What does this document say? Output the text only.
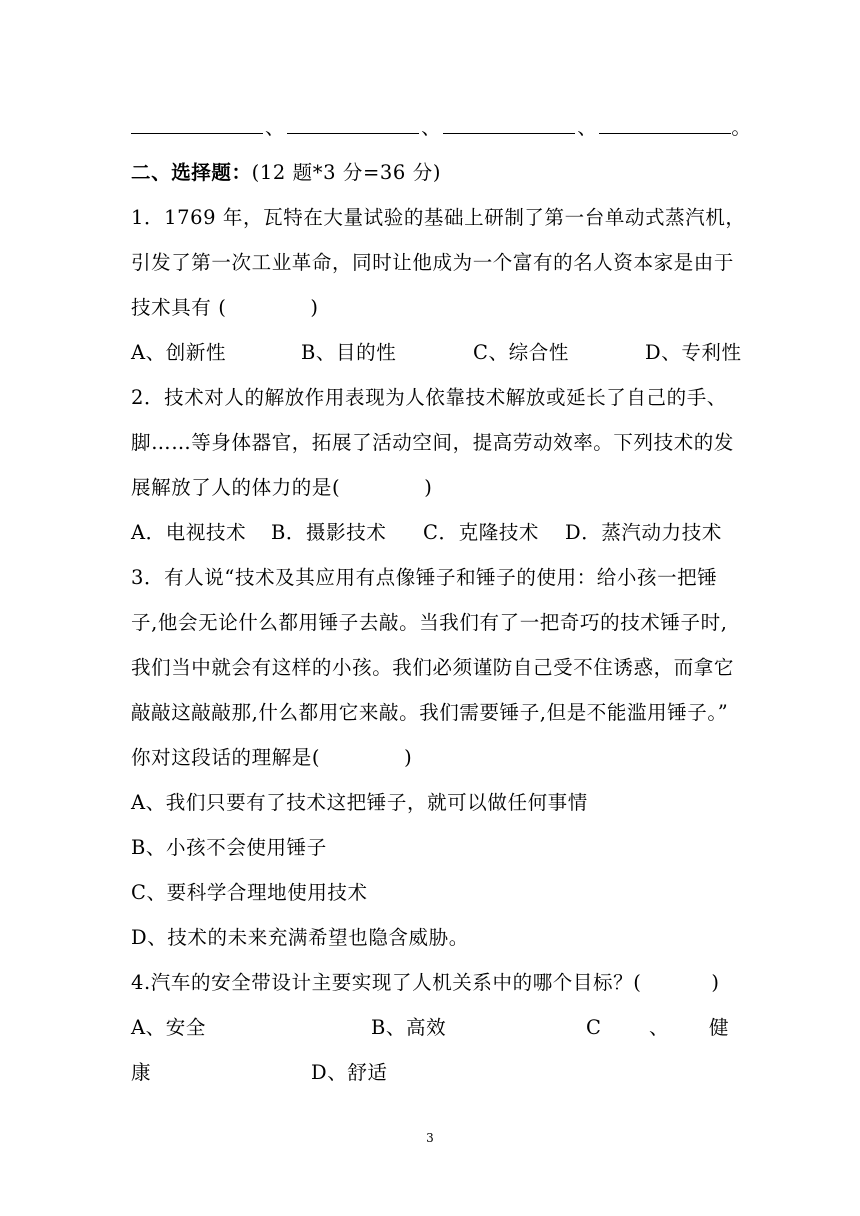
、	、	、	。
二、选择题：(12 题*3 分=36 分)
1．1769 年，瓦特在大量试验的基础上研制了第一台单动式蒸汽机，
引发了第一次工业革命，同时让他成为一个富有的名人资本家是由于
技术具有 (	)
A、创新性	B、目的性	C、综合性	D、专利性
2．技术对人的解放作用表现为人依靠技术解放或延长了自己的手、
脚……等身体器官，拓展了活动空间，提高劳动效率。下列技术的发
展解放了人的体力的是(	)
A．电视技术 B．摄影技术 C．克隆技术 D．蒸汽动力技术
3．有人说“技术及其应用有点像锤子和锤子的使用：给小孩一把锤
子,他会无论什么都用锤子去敲。当我们有了一把奇巧的技术锤子时,
我们当中就会有这样的小孩。我们必须谨防自己受不住诱惑，而拿它
敲敲这敲敲那,什么都用它来敲。我们需要锤子,但是不能滥用锤子。”
你对这段话的理解是(	)
A、我们只要有了技术这把锤子，就可以做任何事情
B、小孩不会使用锤子
C、要科学合理地使用技术
D、技术的未来充满希望也隐含威胁。
4.汽车的安全带设计主要实现了人机关系中的哪个目标？(	)
A、安全	B、高效	C 、 健
康	D、舒适
3
